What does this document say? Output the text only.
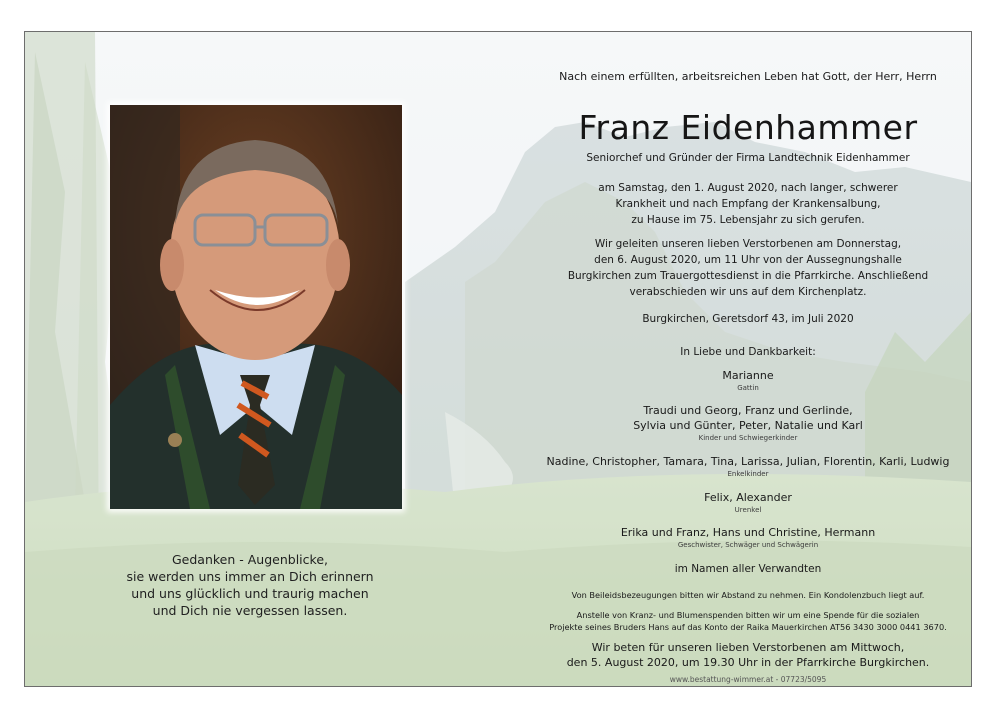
Gedanken - Augenblicke,
sie werden uns immer an Dich erinnern
und uns glücklich und traurig machen
und Dich nie vergessen lassen.
Nach einem erfüllten, arbeitsreichen Leben hat Gott, der Herr, Herrn
Franz Eidenhammer
Seniorchef und Gründer der Firma Landtechnik Eidenhammer
am Samstag, den 1. August 2020, nach langer, schwerer
Krankheit und nach Empfang der Krankensalbung,
zu Hause im 75. Lebensjahr zu sich gerufen.
Wir geleiten unseren lieben Verstorbenen am Donnerstag,
den 6. August 2020, um 11 Uhr von der Aussegnungshalle
Burgkirchen zum Trauergottesdienst in die Pfarrkirche. Anschließend
verabschieden wir uns auf dem Kirchenplatz.
Burgkirchen, Geretsdorf 43, im Juli 2020
In Liebe und Dankbarkeit:
Marianne
Gattin
Traudi und Georg, Franz und Gerlinde,
Sylvia und Günter, Peter, Natalie und Karl
Kinder und Schwiegerkinder
Nadine, Christopher, Tamara, Tina, Larissa, Julian, Florentin, Karli, Ludwig
Enkelkinder
Felix, Alexander
Urenkel
Erika und Franz, Hans und Christine, Hermann
Geschwister, Schwäger und Schwägerin
im Namen aller Verwandten
Von Beileidsbezeugungen bitten wir Abstand zu nehmen. Ein Kondolenzbuch liegt auf.
Anstelle von Kranz- und Blumenspenden bitten wir um eine Spende für die sozialen
Projekte seines Bruders Hans auf das Konto der Raika Mauerkirchen AT56 3430 3000 0441 3670.
Wir beten für unseren lieben Verstorbenen am Mittwoch,
den 5. August 2020, um 19.30 Uhr in der Pfarrkirche Burgkirchen.
www.bestattung-wimmer.at - 07723/5095
